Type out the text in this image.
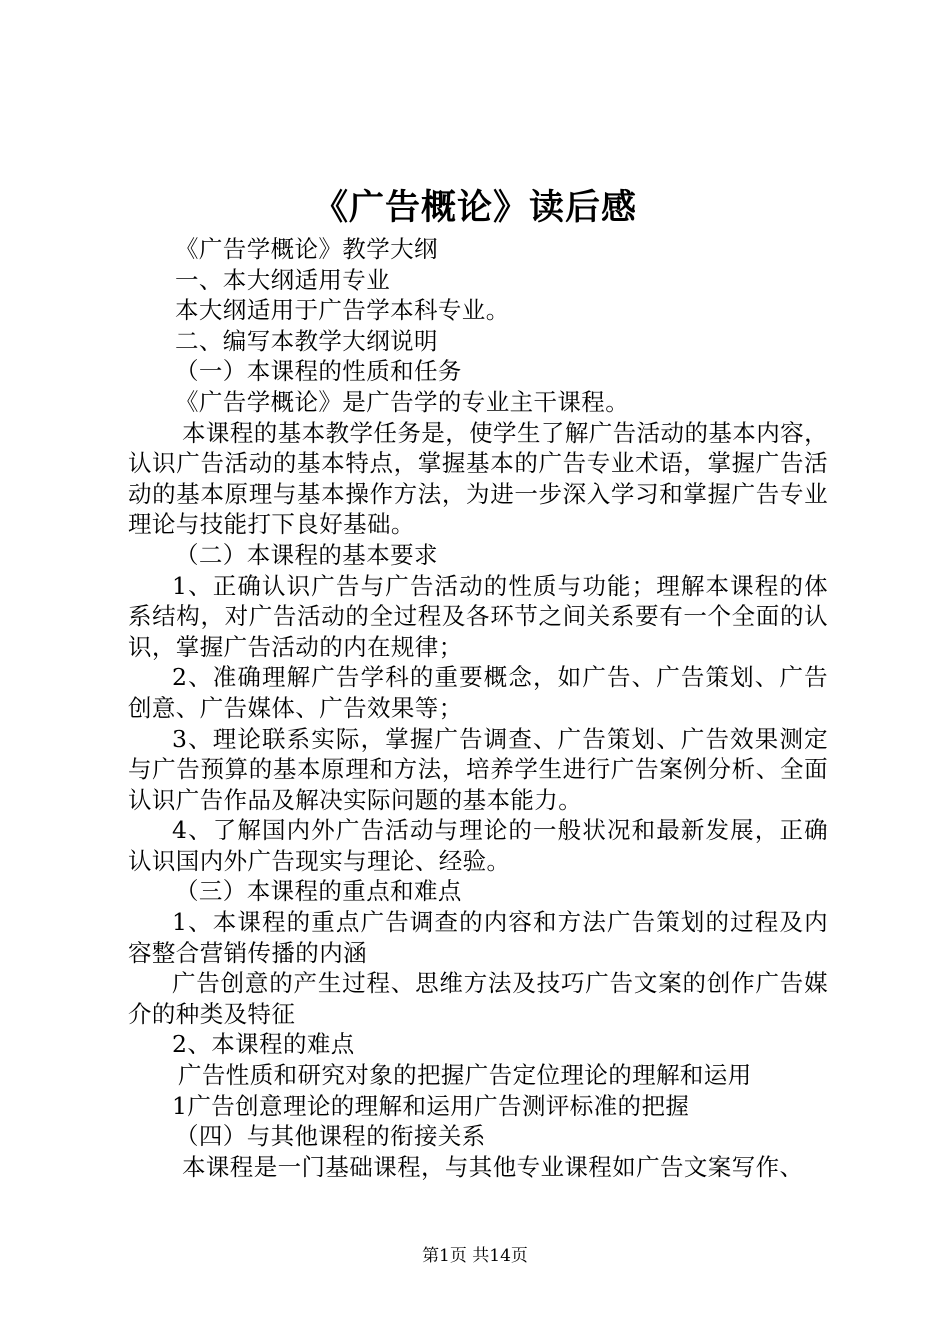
《广告概论》读后感

《广告学概论》教学大纲

一、本大纲适用专业

本大纲适用于广告学本科专业。

二、编写本教学大纲说明

（一）本课程的性质和任务

《广告学概论》是广告学的专业主干课程。

本课程的基本教学任务是，使学生了解广告活动的基本内容，认识广告活动的基本特点，掌握基本的广告专业术语，掌握广告活动的基本原理与基本操作方法，为进一步深入学习和掌握广告专业理论与技能打下良好基础。

（二）本课程的基本要求

1、正确认识广告与广告活动的性质与功能；理解本课程的体系结构，对广告活动的全过程及各环节之间关系要有一个全面的认识，掌握广告活动的内在规律；

2、准确理解广告学科的重要概念，如广告、广告策划、广告创意、广告媒体、广告效果等；

3、理论联系实际，掌握广告调查、广告策划、广告效果测定与广告预算的基本原理和方法，培养学生进行广告案例分析、全面认识广告作品及解决实际问题的基本能力。

4、了解国内外广告活动与理论的一般状况和最新发展，正确认识国内外广告现实与理论、经验。

（三）本课程的重点和难点

1、本课程的重点广告调查的内容和方法广告策划的过程及内容整合营销传播的内涵

广告创意的产生过程、思维方法及技巧广告文案的创作广告媒介的种类及特征

2、本课程的难点

广告性质和研究对象的把握广告定位理论的理解和运用

1广告创意理论的理解和运用广告测评标准的把握

（四）与其他课程的衔接关系

本课程是一门基础课程，与其他专业课程如广告文案写作、

第1页 共14页
